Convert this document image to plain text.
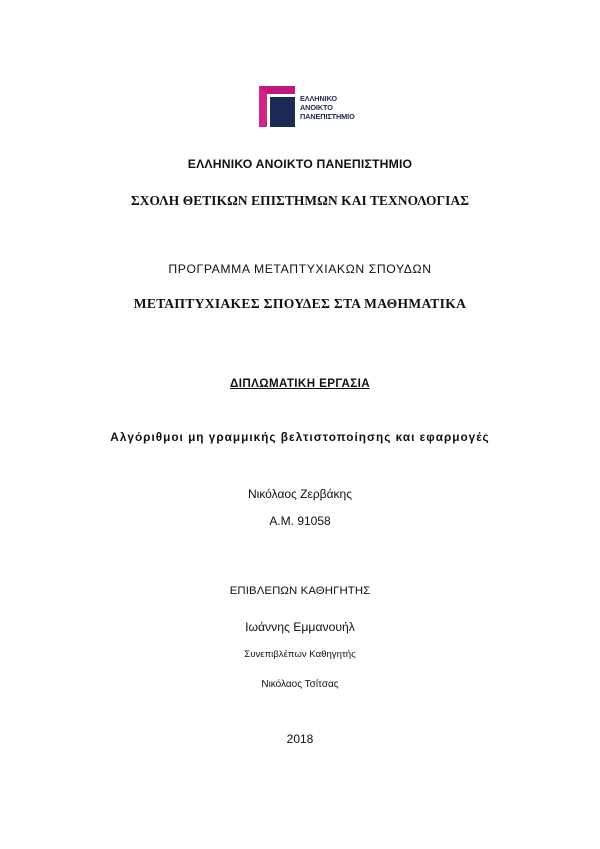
ΕΛΛΗΝΙΚΟ
ΑΝΟΙΚΤΟ
ΠΑΝΕΠΙΣΤΗΜΙΟ
ΕΛΛΗΝΙΚΟ ΑΝΟΙΚΤΟ ΠΑΝΕΠΙΣΤΗΜΙΟ
ΣΧΟΛΗ ΘΕΤΙΚΩΝ ΕΠΙΣΤΗΜΩΝ ΚΑΙ ΤΕΧΝΟΛΟΓΙΑΣ
ΠΡΟΓΡΑΜΜΑ ΜΕΤΑΠΤΥΧΙΑΚΩΝ ΣΠΟΥΔΩΝ
ΜΕΤΑΠΤΥΧΙΑΚΕΣ ΣΠΟΥΔΕΣ ΣΤΑ ΜΑΘΗΜΑΤΙΚΑ
ΔΙΠΛΩΜΑΤΙΚΗ ΕΡΓΑΣΙΑ
Αλγόριθμοι μη γραμμικής βελτιστοποίησης και εφαρμογές
Νικόλαος Ζερβάκης
Α.Μ. 91058
ΕΠΙΒΛΕΠΩΝ ΚΑΘΗΓΗΤΗΣ
Ιωάννης Εμμανουήλ
Συνεπιβλέπων Καθηγητής
Νικόλαος Τσίτσας
2018
